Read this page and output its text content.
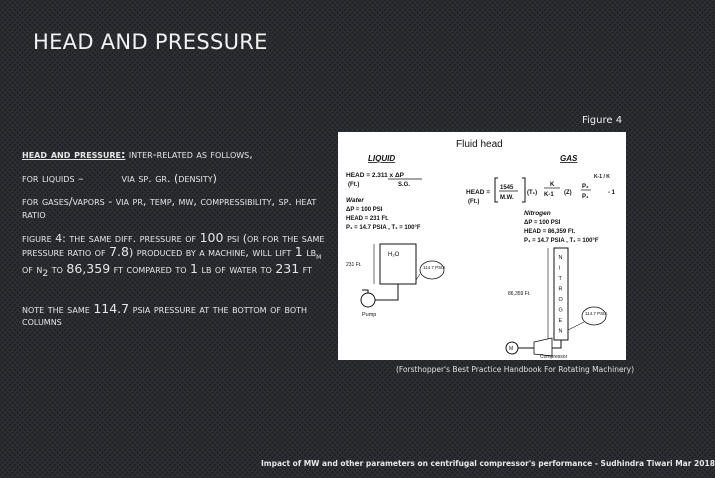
HEAD AND PRESSURE

head and pressure: inter-related as follows,

for liquids –	via sp. gr. (density)

for gases/vapors - via pr, temp, mw, compressibility, sp. heat ratio

figure 4: the same diff. pressure of 100 psi (or for the same pressure ratio of 7.8) produced by a machine, will lift 1 $lb_m$ of $n_2$ to 86,359 ft compared to 1 lb of water to 231 ft

note the same 114.7 psia pressure at the bottom of both columns

Figure 4
Fluid head
LIQUID
HEAD = 2.311 x ΔP
(Ft.)	S.G.
Water
ΔP = 100 PSI
HEAD = 231 Ft.
P₁ = 14.7 PSIA , T₁ = 100°F
H₂O
231 Ft.	114.7 PSIA
Pump
GAS
HEAD =
(Ft.)
1545
M.W.
(T₁)
K
K-1 (Z)
P₂
P₁
K-1 / K
- 1
Nitrogen
ΔP = 100 PSI
HEAD = 86,359 Ft.
P₁ = 14.7 PSIA , T₁ = 100°F
N
I
T
R
O
G
E
N
86,359 Ft.
114.7 PSIA
M
Compressor
(Forsthopper's Best Practice Handbook For Rotating Machinery)
Impact of MW and other parameters on centrifugal compressor's performance - Sudhindra Tiwari Mar 2018
